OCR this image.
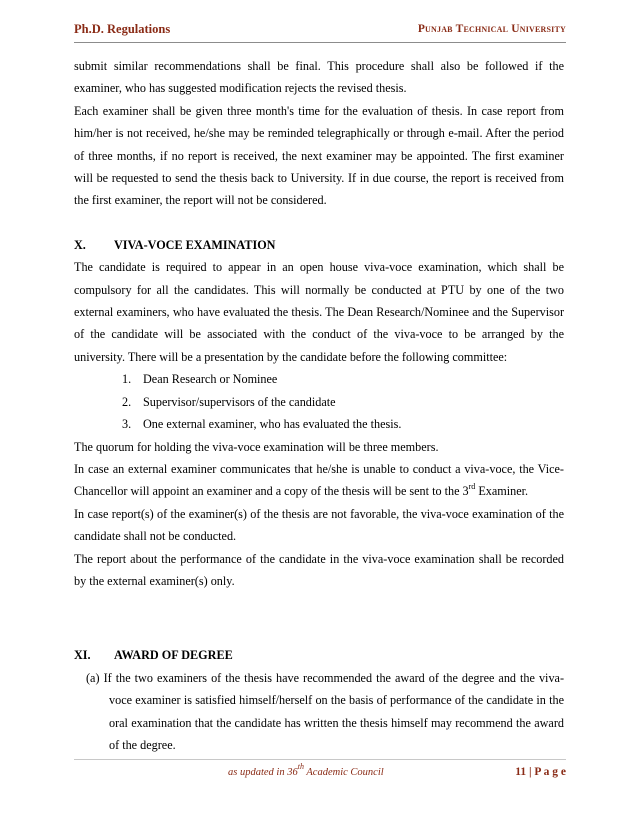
Ph.D. Regulations	Punjab Technical University

submit similar recommendations shall be final. This procedure shall also be followed if the examiner, who has suggested modification rejects the revised thesis.

Each examiner shall be given three month's time for the evaluation of thesis. In case report from him/her is not received, he/she may be reminded telegraphically or through e-mail. After the period of three months, if no report is received, the next examiner may be appointed. The first examiner will be requested to send the thesis back to University. If in due course, the report is received from the first examiner, the report will not be considered.

X. VIVA-VOCE EXAMINATION

The candidate is required to appear in an open house viva-voce examination, which shall be compulsory for all the candidates. This will normally be conducted at PTU by one of the two external examiners, who have evaluated the thesis. The Dean Research/Nominee and the Supervisor of the candidate will be associated with the conduct of the viva-voce to be arranged by the university. There will be a presentation by the candidate before the following committee:

1. Dean Research or Nominee
2. Supervisor/supervisors of the candidate
3. One external examiner, who has evaluated the thesis.

The quorum for holding the viva-voce examination will be three members.

In case an external examiner communicates that he/she is unable to conduct a viva-voce, the Vice-Chancellor will appoint an examiner and a copy of the thesis will be sent to the 3rd Examiner.

In case report(s) of the examiner(s) of the thesis are not favorable, the viva-voce examination of the candidate shall not be conducted.

The report about the performance of the candidate in the viva-voce examination shall be recorded by the external examiner(s) only.

XI. AWARD OF DEGREE

(a) If the two examiners of the thesis have recommended the award of the degree and the viva-voce examiner is satisfied himself/herself on the basis of performance of the candidate in the oral examination that the candidate has written the thesis himself may recommend the award of the degree.

as updated in 36th Academic Council	11 | P a g e
